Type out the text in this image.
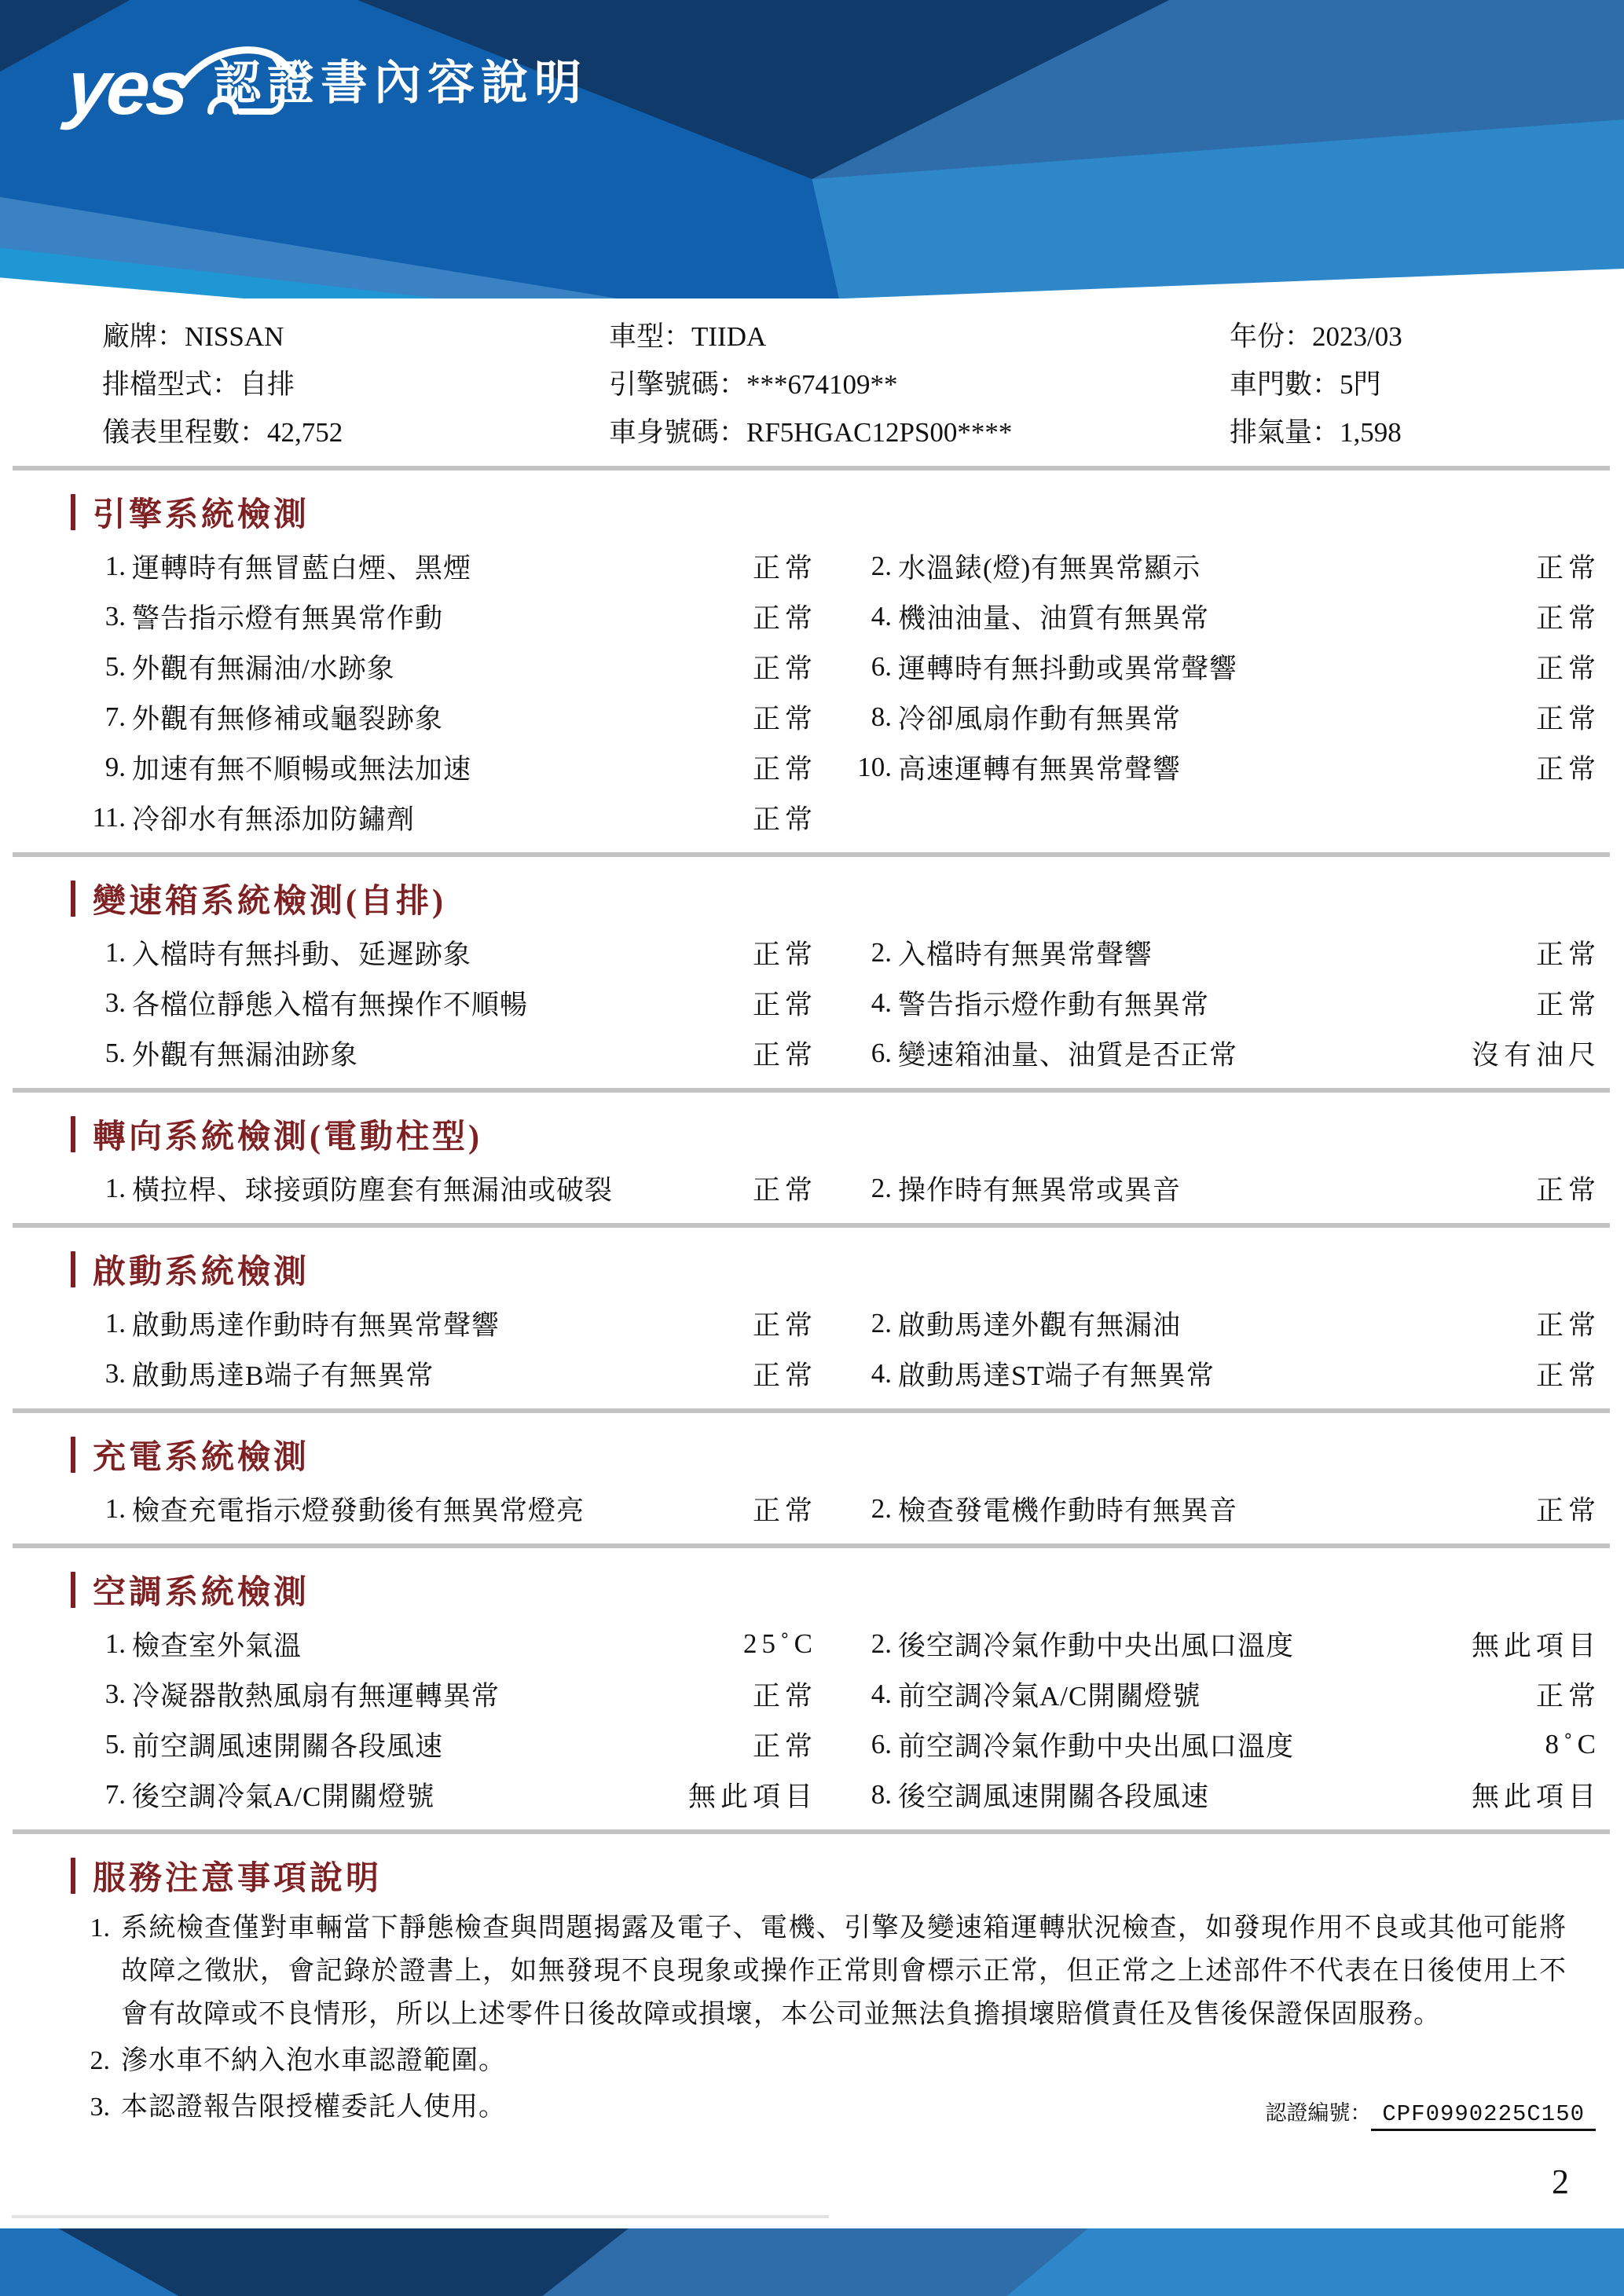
yes 認證書內容說明
廠牌：NISSAN	車型：TIIDA	年份：2023/03
排檔型式：自排	引擎號碼：***674109**	車門數：5門
儀表里程數：42,752	車身號碼：RF5HGAC12PS00****	排氣量：1,598
引擎系統檢測
1. 運轉時有無冒藍白煙、黑煙	正常	2. 水溫錶(燈)有無異常顯示	正常
3. 警告指示燈有無異常作動	正常	4. 機油油量、油質有無異常	正常
5. 外觀有無漏油/水跡象	正常	6. 運轉時有無抖動或異常聲響	正常
7. 外觀有無修補或龜裂跡象	正常	8. 冷卻風扇作動有無異常	正常
9. 加速有無不順暢或無法加速	正常 10. 高速運轉有無異常聲響	正常
11. 冷卻水有無添加防鏽劑	正常
變速箱系統檢測(自排)
1. 入檔時有無抖動、延遲跡象	正常	2. 入檔時有無異常聲響	正常
3. 各檔位靜態入檔有無操作不順暢	正常	4. 警告指示燈作動有無異常	正常
5. 外觀有無漏油跡象	正常	6. 變速箱油量、油質是否正常	沒有油尺
轉向系統檢測(電動柱型)
1. 橫拉桿、球接頭防塵套有無漏油或破裂	正常	2. 操作時有無異常或異音	正常
啟動系統檢測
1. 啟動馬達作動時有無異常聲響	正常	2. 啟動馬達外觀有無漏油	正常
3. 啟動馬達B端子有無異常	正常	4. 啟動馬達ST端子有無異常	正常
充電系統檢測
1. 檢查充電指示燈發動後有無異常燈亮	正常	2. 檢查發電機作動時有無異音	正常
空調系統檢測
1. 檢查室外氣溫	25˚C	2. 後空調冷氣作動中央出風口溫度	無此項目
3. 冷凝器散熱風扇有無運轉異常	正常	4. 前空調冷氣A/C開關燈號	正常
5. 前空調風速開關各段風速	正常	6. 前空調冷氣作動中央出風口溫度	8˚C
7. 後空調冷氣A/C開關燈號	無此項目	8. 後空調風速開關各段風速	無此項目
服務注意事項說明
1. 系統檢查僅對車輛當下靜態檢查與問題揭露及電子、電機、引擎及變速箱運轉狀況檢查，如發現作用不良或其他可能將故障之徵狀，會記錄於證書上，如無發現不良現象或操作正常則會標示正常，但正常之上述部件不代表在日後使用上不會有故障或不良情形，所以上述零件日後故障或損壞，本公司並無法負擔損壞賠償責任及售後保證保固服務。
2. 滲水車不納入泡水車認證範圍。
3. 本認證報告限授權委託人使用。	認證編號： CPF0990225C150
2
